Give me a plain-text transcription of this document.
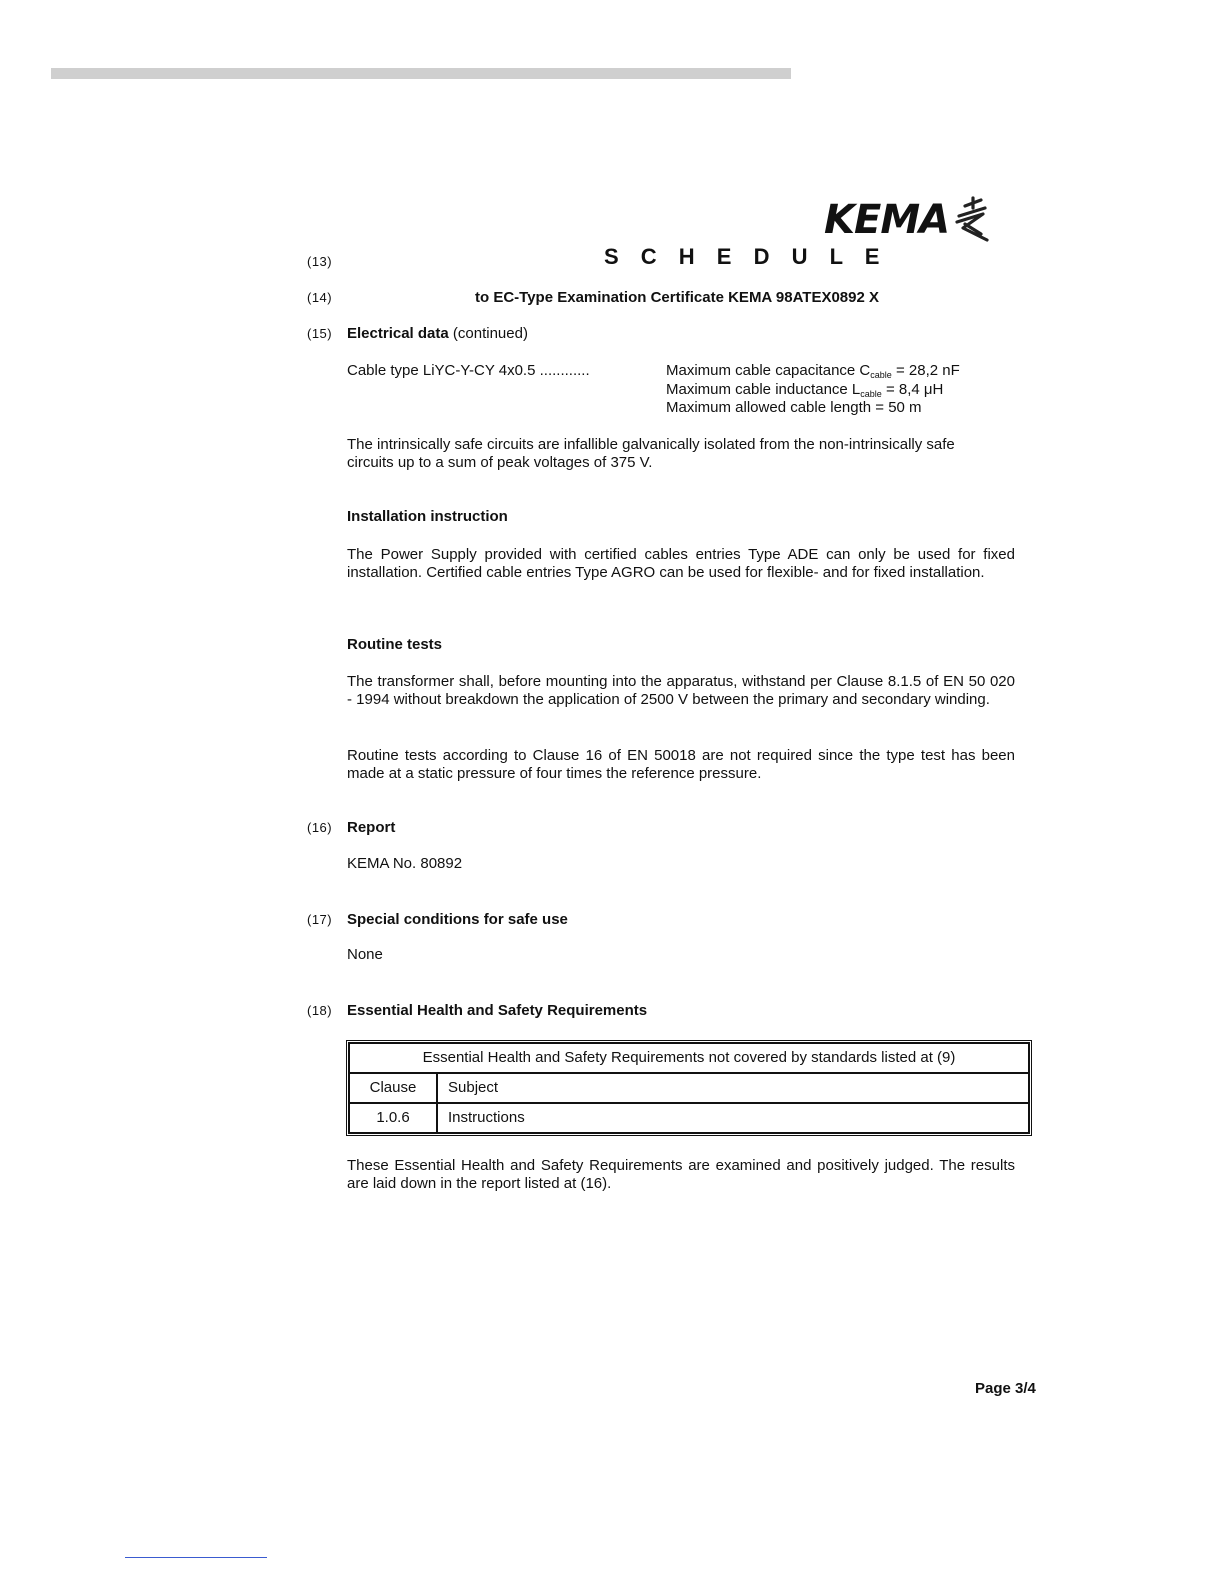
KEMA
(13)	S C H E D U L E
(14)	to EC-Type Examination Certificate KEMA 98ATEX0892 X
(15) Electrical data (continued)
Cable type LiYC-Y-CY 4x0.5 ............	Maximum cable capacitance $C_{cable} = 28,2$ nF
Maximum cable inductance $L_{cable} = 8,4$ μH
Maximum allowed cable length = 50 m

The intrinsically safe circuits are infallible galvanically isolated from the non-intrinsically safe circuits up to a sum of peak voltages of 375 V.

Installation instruction

The Power Supply provided with certified cables entries Type ADE can only be used for fixed installation. Certified cable entries Type AGRO can be used for flexible- and for fixed installation.

Routine tests

The transformer shall, before mounting into the apparatus, withstand per Clause 8.1.5 of EN 50 020 - 1994 without breakdown the application of 2500 V between the primary and secondary winding.

Routine tests according to Clause 16 of EN 50018 are not required since the type test has been made at a static pressure of four times the reference pressure.

(16) Report
KEMA No. 80892
(17) Special conditions for safe use
None
(18) Essential Health and Safety Requirements
Essential Health and Safety Requirements not covered by standards listed at (9)	
Clause	Subject
1.0.6	Instructions

These Essential Health and Safety Requirements are examined and positively judged. The results are laid down in the report listed at (16).

Page 3/4
